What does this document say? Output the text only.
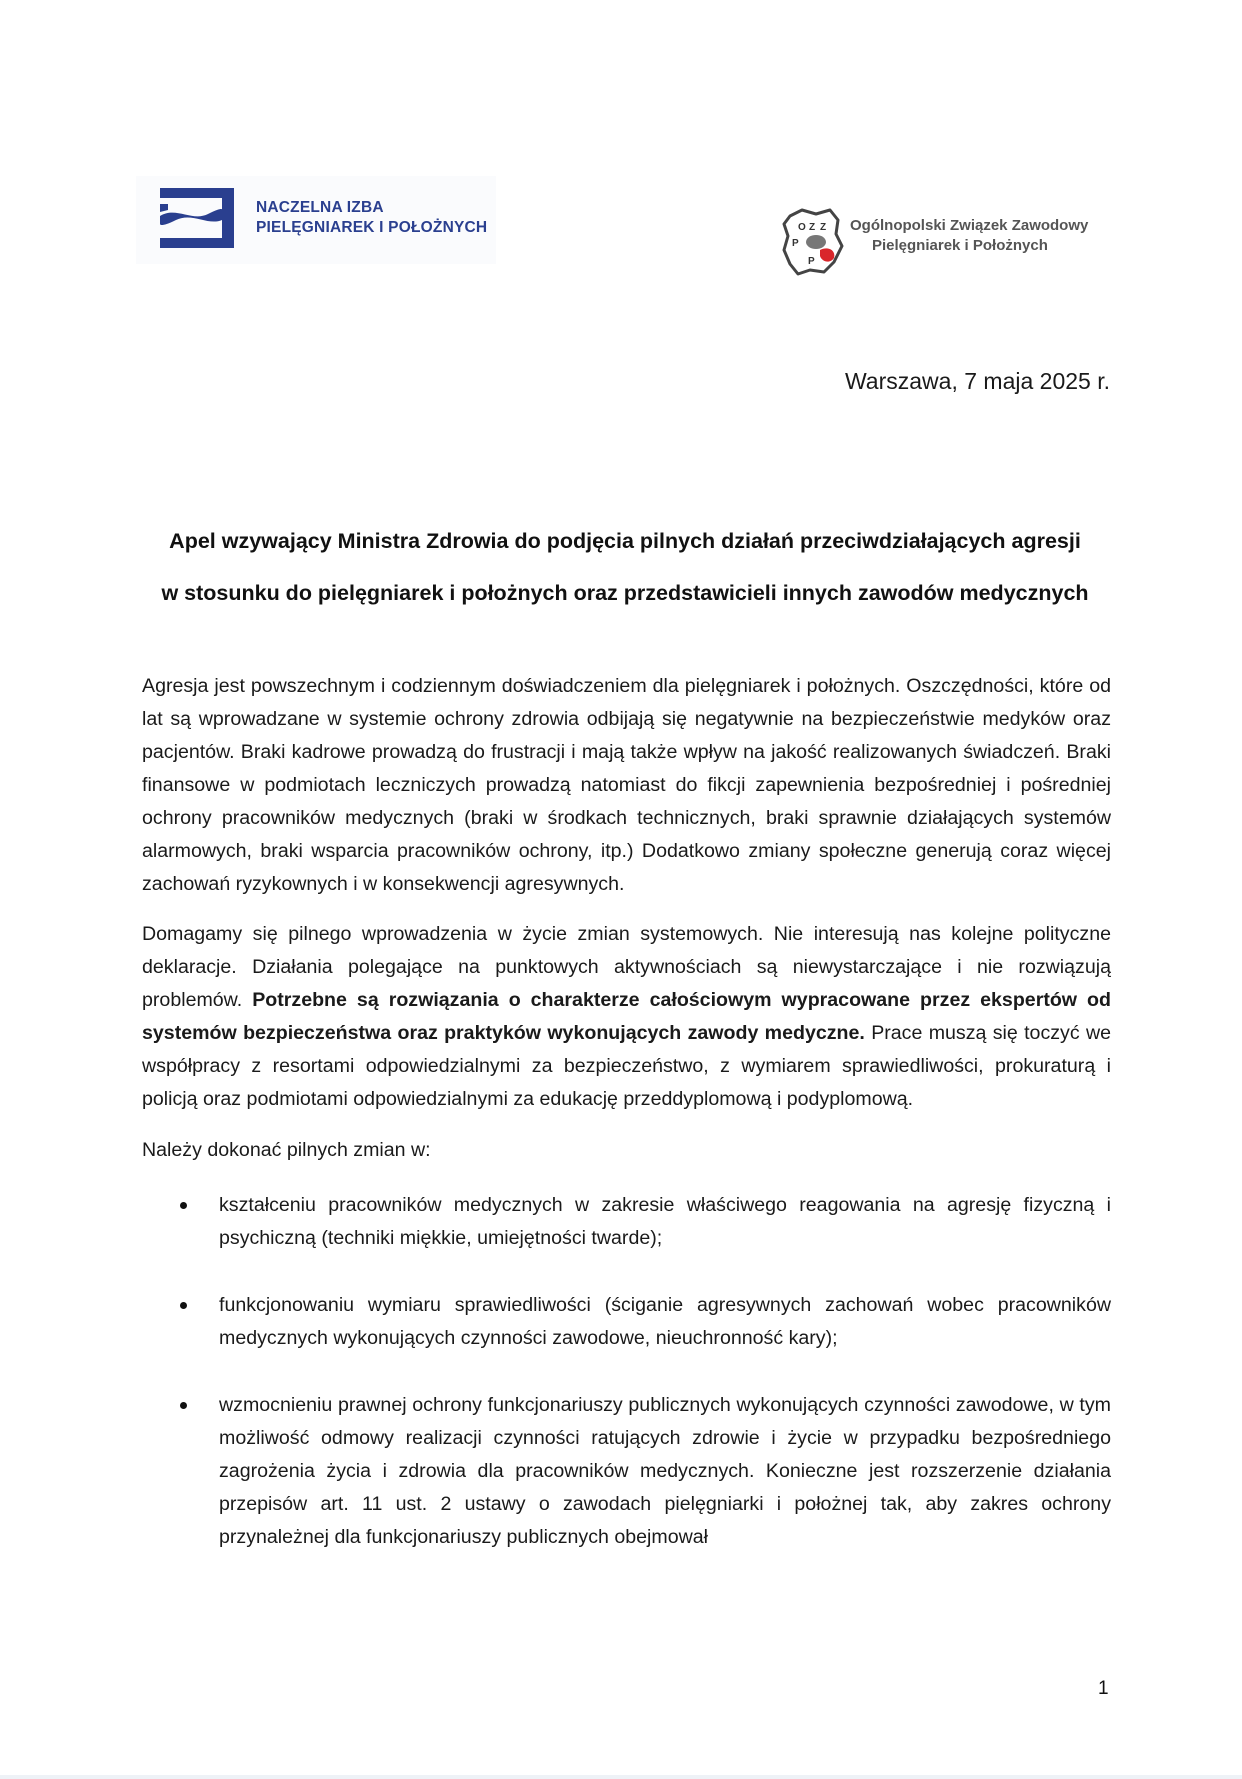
NACZELNA IZBA
PIELĘGNIAREK I POŁOŻNYCH	O Z Z
P
P
Ogólnopolski Związek Zawodowy
Pielęgniarek i Położnych
Warszawa, 7 maja 2025 r.
Apel wzywający Ministra Zdrowia do podjęcia pilnych działań przeciwdziałających agresji
w stosunku do pielęgniarek i położnych oraz przedstawicieli innych zawodów medycznych

Agresja jest powszechnym i codziennym doświadczeniem dla pielęgniarek i położnych. Oszczędności, które od lat są wprowadzane w systemie ochrony zdrowia odbijają się negatywnie na bezpieczeństwie medyków oraz pacjentów. Braki kadrowe prowadzą do frustracji i mają także wpływ na jakość realizowanych świadczeń. Braki finansowe w podmiotach leczniczych prowadzą natomiast do fikcji zapewnienia bezpośredniej i pośredniej ochrony pracowników medycznych (braki w środkach technicznych, braki sprawnie działających systemów alarmowych, braki wsparcia pracowników ochrony, itp.) Dodatkowo zmiany społeczne generują coraz więcej zachowań ryzykownych i w konsekwencji agresywnych.

Domagamy się pilnego wprowadzenia w życie zmian systemowych. Nie interesują nas kolejne polityczne deklaracje. Działania polegające na punktowych aktywnościach są niewystarczające i nie rozwiązują problemów. Potrzebne są rozwiązania o charakterze całościowym wypracowane przez ekspertów od systemów bezpieczeństwa oraz praktyków wykonujących zawody medyczne. Prace muszą się toczyć we współpracy z resortami odpowiedzialnymi za bezpieczeństwo, z wymiarem sprawiedliwości, prokuraturą i policją oraz podmiotami odpowiedzialnymi za edukację przeddyplomową i podyplomową.

Należy dokonać pilnych zmian w:

kształceniu pracowników medycznych w zakresie właściwego reagowania na agresję fizyczną i psychiczną (techniki miękkie, umiejętności twarde);
funkcjonowaniu wymiaru sprawiedliwości (ściganie agresywnych zachowań wobec pracowników medycznych wykonujących czynności zawodowe, nieuchronność kary);
wzmocnieniu prawnej ochrony funkcjonariuszy publicznych wykonujących czynności zawodowe, w tym możliwość odmowy realizacji czynności ratujących zdrowie i życie w przypadku bezpośredniego zagrożenia życia i zdrowia dla pracowników medycznych. Konieczne jest rozszerzenie działania przepisów art. 11 ust. 2 ustawy o zawodach pielęgniarki i położnej tak, aby zakres ochrony przynależnej dla funkcjonariuszy publicznych obejmował
1
